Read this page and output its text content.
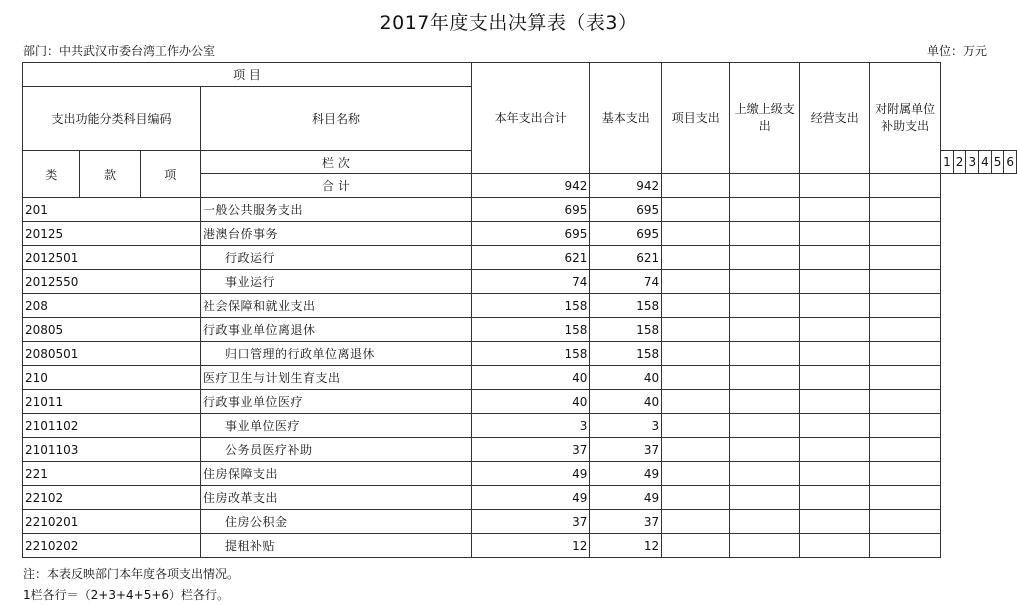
2017年度支出决算表（表3）
部门：中共武汉市委台湾工作办公室	单位：万元
项 目				本年支出合计	基本支出	项目支出	上缴上级支出	经营支出	对附属单位补助支出						
支出功能分类科目编码			科目名称												
类	款	项	栏 次							1	2	3	4	5	6
			合 计	942	942										
201			一般公共服务支出	695	695										
20125			港澳台侨事务	695	695										
2012501			行政运行	621	621										
2012550			事业运行	74	74										
208			社会保障和就业支出	158	158										
20805			行政事业单位离退休	158	158										
2080501			归口管理的行政单位离退休	158	158										
210			医疗卫生与计划生育支出	40	40										
21011			行政事业单位医疗	40	40										
2101102			事业单位医疗	3	3										
2101103			公务员医疗补助	37	37										
221			住房保障支出	49	49										
22102			住房改革支出	49	49										
2210201			住房公积金	37	37										
2210202			提租补贴	12	12										
注：本表反映部门本年度各项支出情况。
1栏各行＝（2+3+4+5+6）栏各行。
